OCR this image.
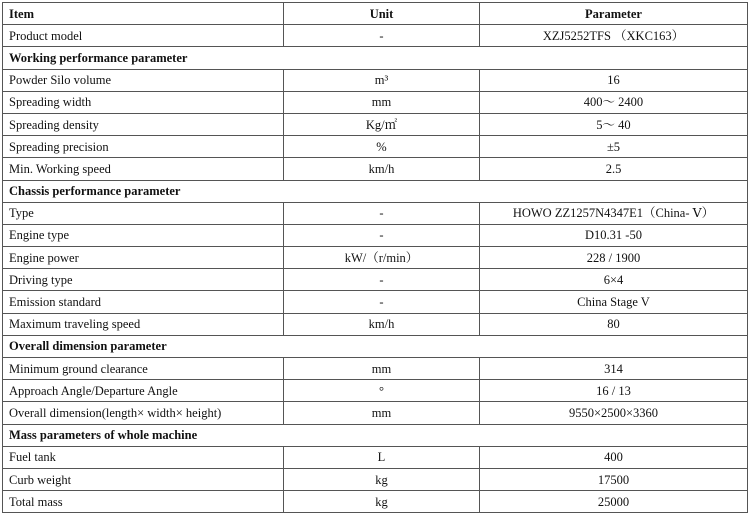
Item	Unit	Parameter
Product model	-	XZJ5252TFS （XKC163）
Working performance parameter		
Powder Silo volume	m³	16
Spreading width	mm	400～ 2400
Spreading density	Kg/㎡	5～ 40
Spreading precision	%	±5
Min. Working speed	km/h	2.5
Chassis performance parameter		
Type	-	HOWO ZZ1257N4347E1（China- Ⅴ）
Engine type	-	D10.31 -50
Engine power	kW/（r/min）	228 / 1900
Driving type	-	6×4
Emission standard	-	China Stage V
Maximum traveling speed	km/h	80
Overall dimension parameter		
Minimum ground clearance	mm	314
Approach Angle/Departure Angle	°	16 / 13
Overall dimension(length× width× height)	mm	9550×2500×3360
Mass parameters of whole machine		
Fuel tank	L	400
Curb weight	kg	17500
Total mass	kg	25000
